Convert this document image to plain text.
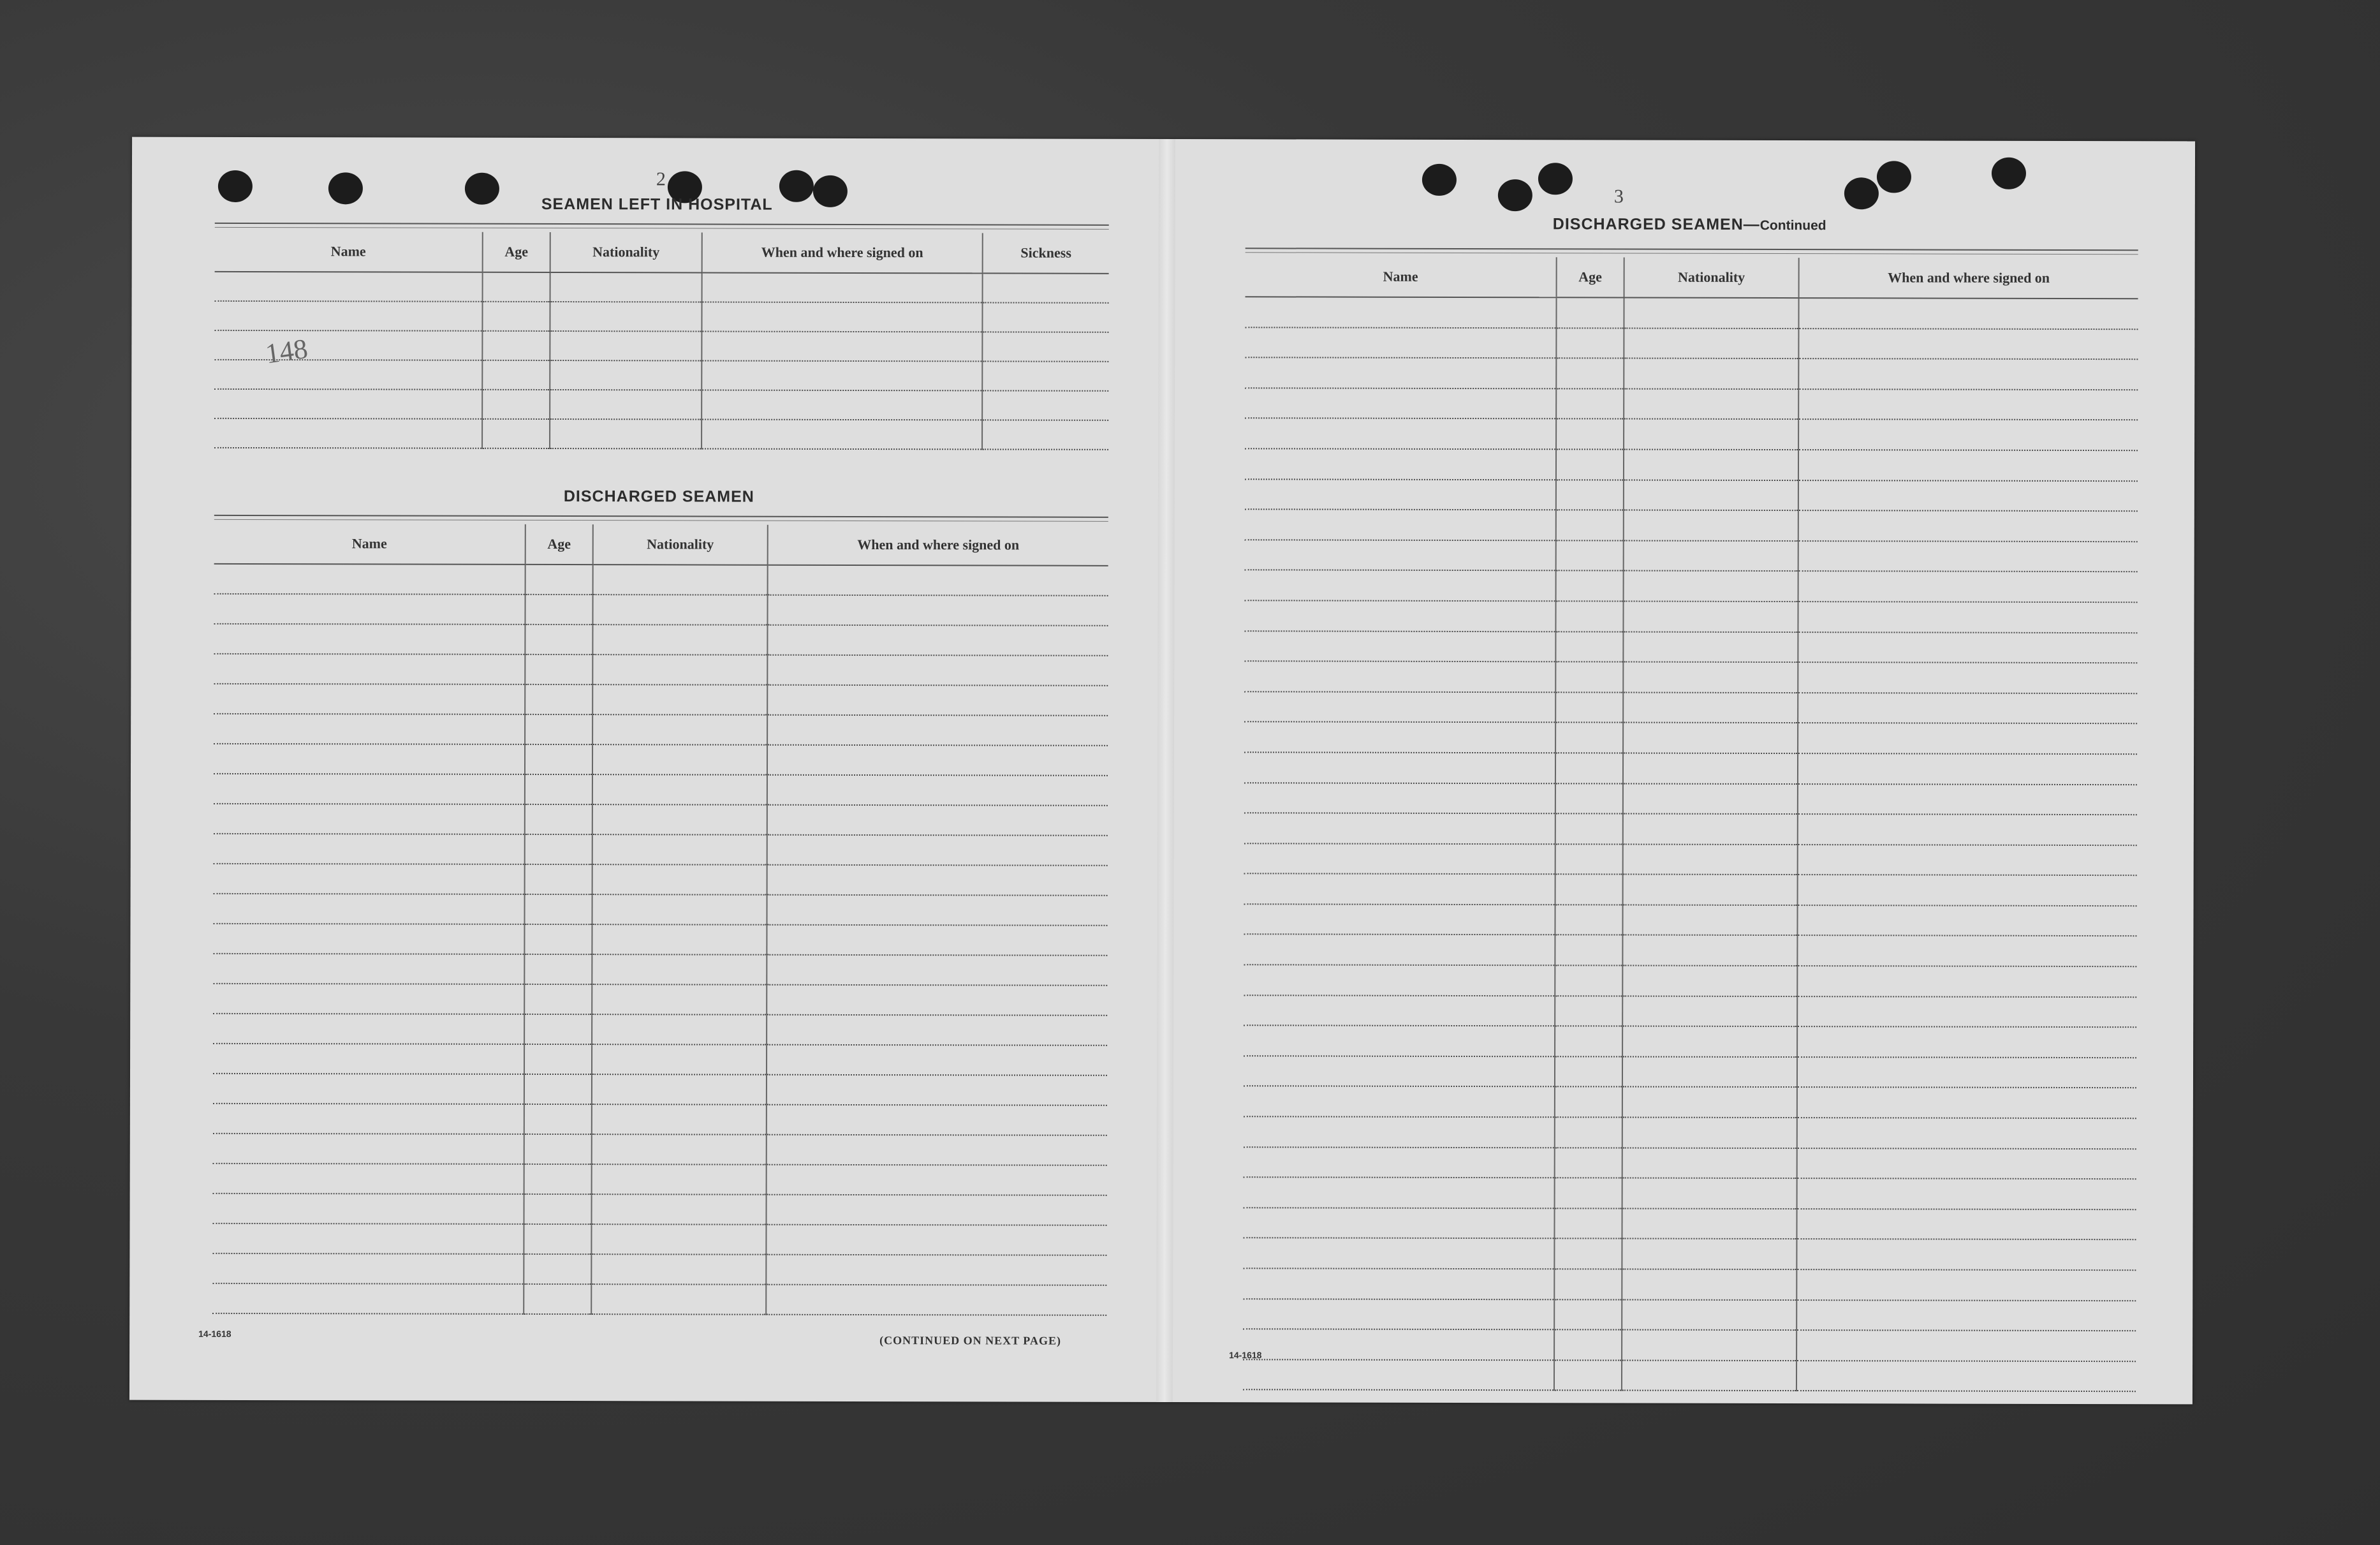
2
SEAMEN LEFT IN HOSPITAL
Name	Age	Nationality	When and where signed on	Sickness

148
DISCHARGED SEAMEN
Name	Age	Nationality	When and where signed on

14-1618
(CONTINUED ON NEXT PAGE)
3
DISCHARGED SEAMEN—Continued
Name	Age	Nationality	When and where signed on

14-1618
